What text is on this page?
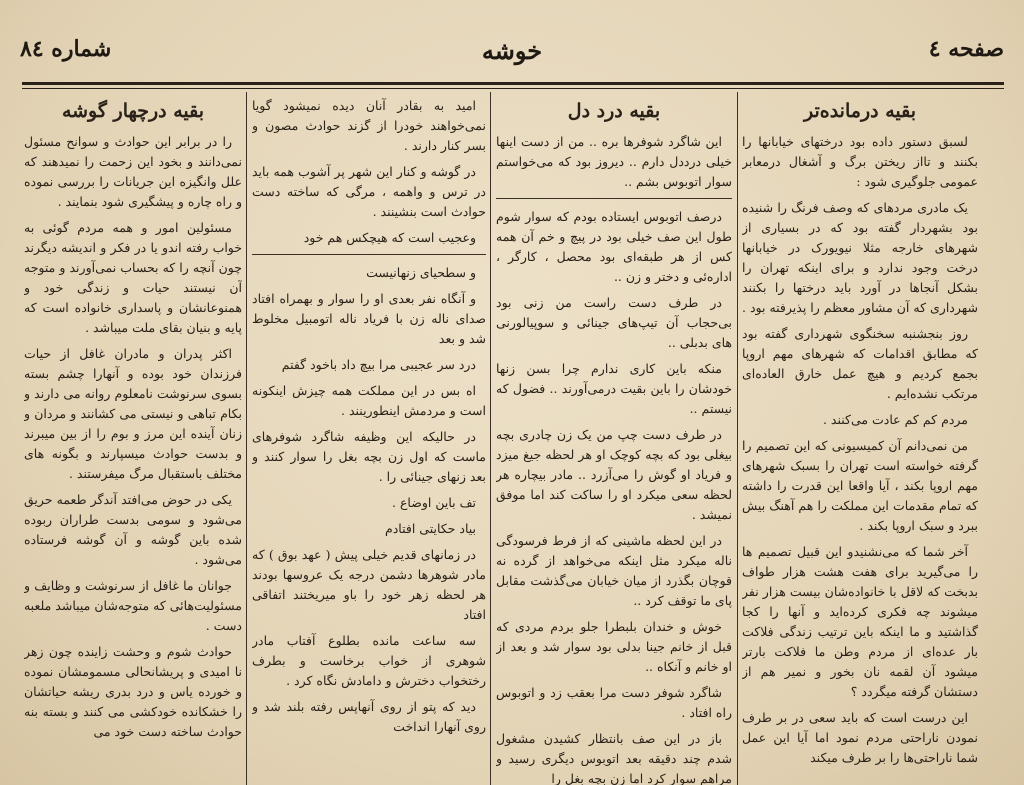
​
صفحه ٤
خوشه
شماره ٨٤
بقیه درمانده‌تر

لسبق دستور داده بود درختهای خیابانها را بکنند و تااز ریختن برگ و آشغال درمعابر عمومی جلوگیری شود :

یک مادری مردهای که وصف فرنگ را شنیده بود بشهردار گفته بود که در بسیاری از شهرهای خارجه مثلا نیویورک در خیابانها درخت وجود ندارد و برای اینکه تهران را بشکل آنجاها در آورد باید درختها را بکنند شهرداری که آن مشاور معظم را پذیرفته بود .

روز بنجشنبه سخنگوی شهرداری گفته بود که مطابق اقدامات که شهرهای مهم اروپا بجمع کردیم و هیچ عمل خارق العاده‌ای مرتکب نشده‌ایم .

مردم کم کم عادت می‌کنند .

من نمی‌دانم آن کمیسیونی که این تصمیم را گرفته خواسته است تهران را بسبک شهرهای مهم اروپا بکند ، آیا واقعا این قدرت را داشته که تمام مقدمات این مملکت را هم آهنگ بیش ببرد و سبک اروپا بکند .

آخر شما که می‌نشنیدو این قبیل تصمیم ها را می‌گیرید برای هفت هشت هزار طواف بدبخت که لاقل با خانواده‌شان بیست هزار نفر میشوند چه فکری کرده‌اید و آنها را کجا گذاشتید و ما اینکه باین ترتیب زندگی فلاکت بار عده‌ای از مردم وطن ما فلاکت بارتر میشود آن لقمه نان بخور و نمیر هم از دستشان گرفته میگردد ؟

این درست است که باید سعی در بر طرف نمودن ناراحتی مردم نمود اما آیا این عمل شما ناراحتی‌ها را بر طرف میکند

بقیه درد دل

این شاگرد شوفرها بره .. من از دست اینها خیلی درددل دارم .. دیروز بود که می‌خواستم سوار اتوبوس بشم ..

درصف اتوبوس ایستاده بودم که سوار شوم طول این صف خیلی بود در پیچ و خم آن همه کس از هر طبقه‌ای بود محصل ، کارگر ، اداره‌ئی و دختر و زن ..

در طرف دست راست من زنی بود بی‌حجاب آن تیپ‌های جینائی و سوپیالورنی های بدبلی ..

منکه باین کاری ندارم چرا بسن زنها خودشان را باین بقیت درمی‌آورند .. فضول که نیستم ..

در طرف دست چپ من یک زن چادری بچه بیغلی بود که بچه کوچک او هر لحظه جیغ میزد و فریاد او گوش را می‌آزرد .. مادر بیچاره هر لحظه سعی میکرد او را ساکت کند اما موفق نمیشد .

در این لحظه ماشینی که از فرط فرسودگی ناله میکرد مثل اینکه می‌خواهد از گرده نه قوچان بگذرد از میان خیابان می‌گذشت مقابل پای ما توقف کرد ..

خوش و خندان بلبطرا جلو بردم مردی که قبل از خانم جینا بدلی بود سوار شد و بعد از او خانم و آنکاه ..

شاگرد شوفر دست مرا بعقب زد و اتوبوس راه افتاد .

باز در این صف بانتظار کشیدن مشغول شدم چند دقیقه بعد اتوبوس دیگری رسید و مراهم سوار کرد اما زن بچه بغل را

امید به بقادر آنان دیده نمیشود گویا نمی‌خواهند خودرا از گزند حوادث مصون و بسر کنار دارند .

در گوشه و کنار این شهر پر آشوب همه باید در ترس و واهمه ، مرگی که ساخته دست حوادث است بنشینند .

وعجیب است که هیچکس هم خود

و سطحیای زنهانیست

و آنگاه نفر بعدی او را سوار و بهمراه افتاد صدای ناله زن با فریاد ناله اتومبیل مخلوط شد و بعد

درد سر عجیبی مرا بیچ داد باخود گفتم

اه بس در این مملکت همه چیزش اینکونه است و مردمش اینطورینند .

در حالیکه این وظیفه شاگرد شوفرهای ماست که اول زن بچه بغل را سوار کنند و بعد زنهای جینائی را .

تف باین اوضاع .

بیاد حکایتی افتادم

در زمانهای قدیم خیلی پیش ( عهد بوق ) که مادر شوهرها دشمن درجه یک عروسها بودند هر لحظه زهر خود را باو میریختند اتفاقی افتاد

سه ساعت مانده بطلوع آفتاب مادر شوهری از خواب برخاست و بطرف رختخواب دخترش و دامادش نگاه کرد .

دید که پتو از روی آنهاپس رفته بلند شد و روی آنهارا انداخت

بقیه درچهار گوشه

را در برابر این حوادث و سوانح مسئول نمی‌دانند و بخود این زحمت را نمیدهند که علل وانگیزه این جریانات را بررسی نموده و راه چاره و پیشگیری شود بنمایند .

مسئولین امور و همه مردم گوئی به خواب رفته اندو یا در فکر و اندیشه دیگرند چون آنچه را که بحساب نمی‌آورند و متوجه آن نیستند حیات و زندگی خود و همنوعانشان و پاسداری خانواده است که پایه و بنیان بقای ملت میباشد .

اکثر پدران و مادران غافل از حیات فرزندان خود بوده و آنهارا چشم بسته بسوی سرنوشت نامعلوم روانه می دارند و بکام تباهی و نیستی می کشانند و مردان و زنان آینده این مرز و بوم را از بین میبرند و بدست حوادث میسپارند و بگونه های مختلف باستقبال مرگ میفرستند .

یکی در حوض می‌افتد آندگر طعمه حریق می‌شود و سومی بدست طراران ربوده شده باین گوشه و آن گوشه فرستاده می‌شود .

جوانان ما غافل از سرنوشت و وظایف و مسئولیت‌هائی که متوجه‌شان میباشد ملعبه دست .

حوادث شوم و وحشت زاینده چون زهر نا امیدی و پریشانحالی مسمومشان نموده و خورده یاس و درد بدری ریشه حیاتشان را خشکانده خودکشی می کنند و بسته بنه حوادث ساخته دست خود می
